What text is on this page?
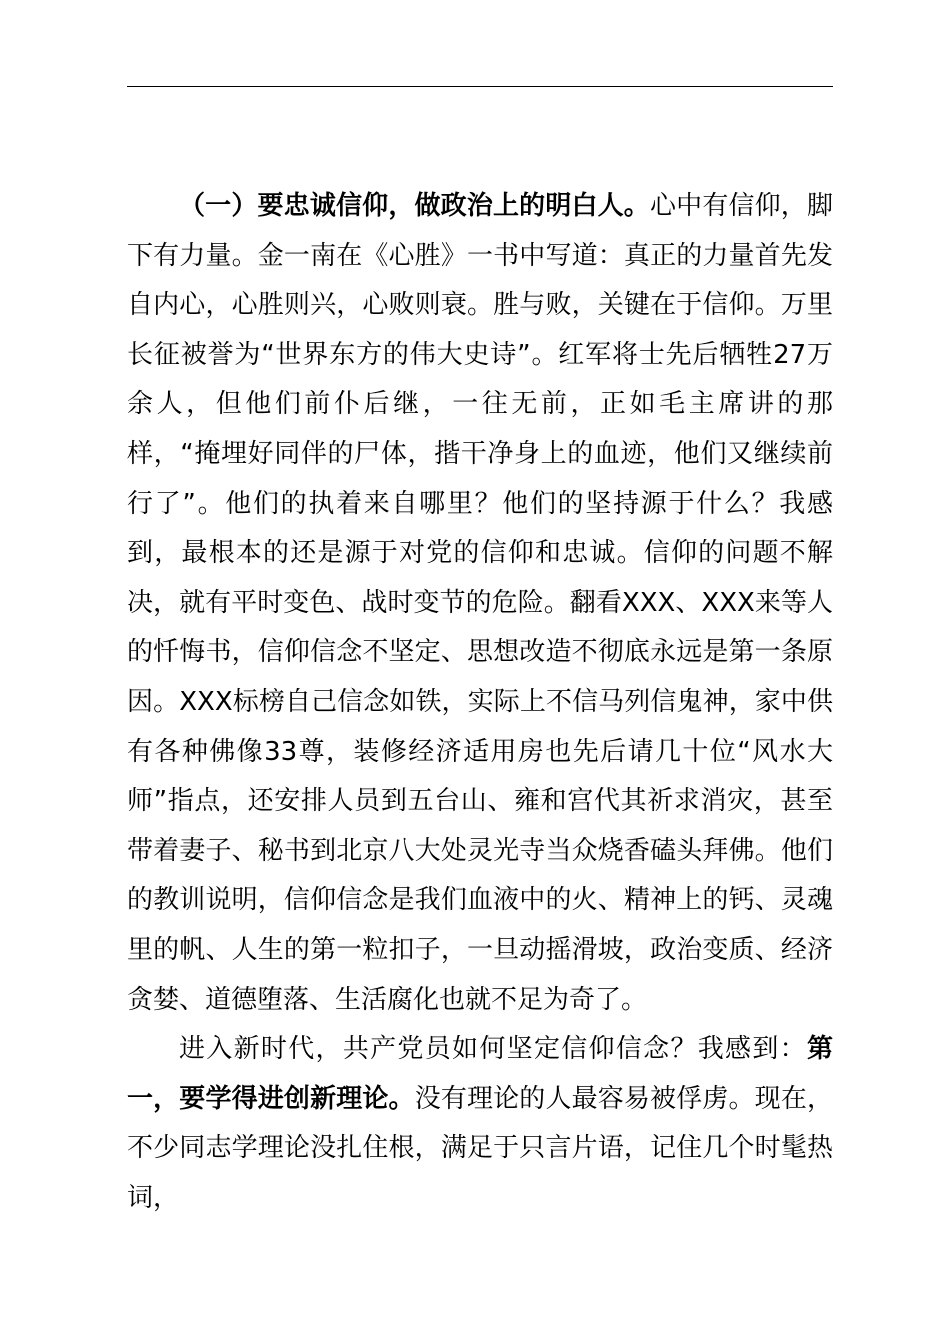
（一）要忠诚信仰，做政治上的明白人。心中有信仰，脚下有力量。金一南在《心胜》一书中写道：真正的力量首先发自内心，心胜则兴，心败则衰。胜与败，关键在于信仰。万里长征被誉为“世界东方的伟大史诗”。红军将士先后牺牲27万余人，但他们前仆后继，一往无前，正如毛主席讲的那样，“掩埋好同伴的尸体，揩干净身上的血迹，他们又继续前行了”。他们的执着来自哪里？他们的坚持源于什么？我感到，最根本的还是源于对党的信仰和忠诚。信仰的问题不解决，就有平时变色、战时变节的危险。翻看XXX、XXX来等人的忏悔书，信仰信念不坚定、思想改造不彻底永远是第一条原因。XXX标榜自己信念如铁，实际上不信马列信鬼神，家中供有各种佛像33尊，装修经济适用房也先后请几十位“风水大师”指点，还安排人员到五台山、雍和宫代其祈求消灾，甚至带着妻子、秘书到北京八大处灵光寺当众烧香磕头拜佛。他们的教训说明，信仰信念是我们血液中的火、精神上的钙、灵魂里的帆、人生的第一粒扣子，一旦动摇滑坡，政治变质、经济贪婪、道德堕落、生活腐化也就不足为奇了。

进入新时代，共产党员如何坚定信仰信念？我感到：第一，要学得进创新理论。没有理论的人最容易被俘虏。现在，不少同志学理论没扎住根，满足于只言片语，记住几个时髦热词，
